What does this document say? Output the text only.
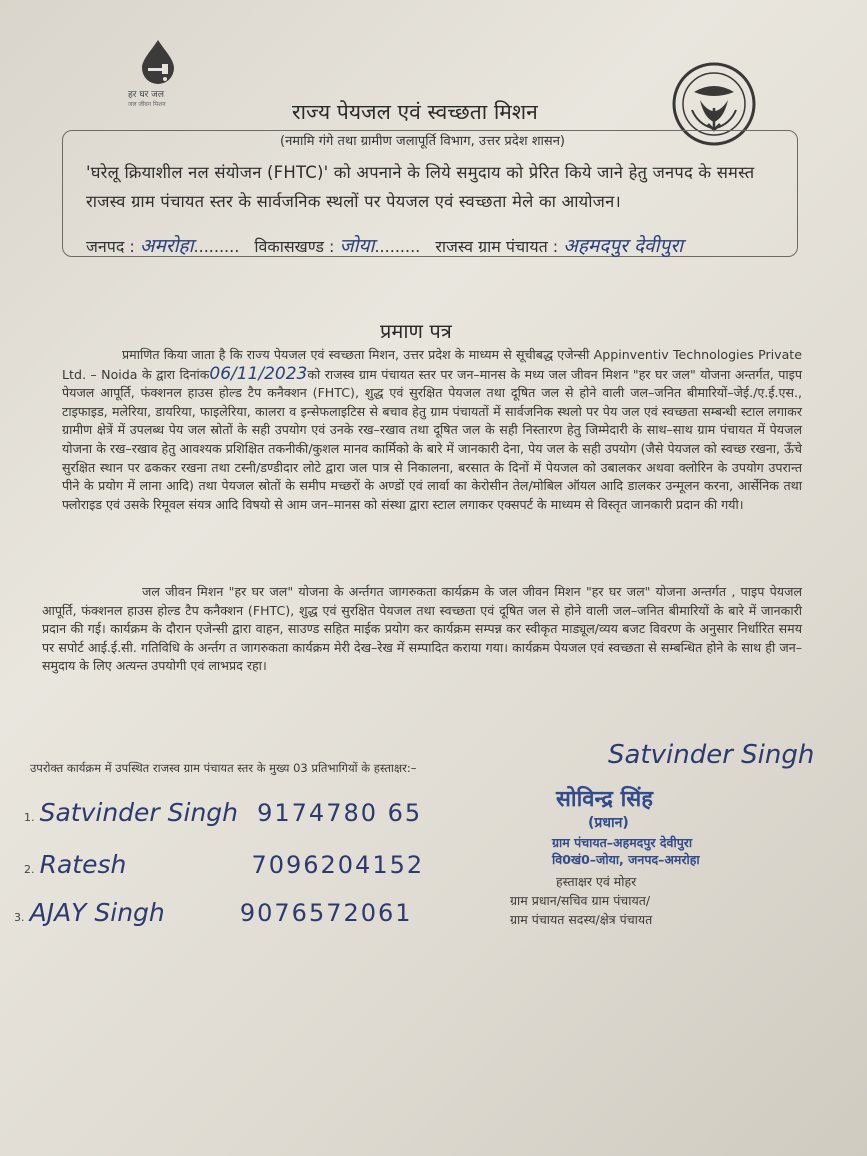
हर घर जल
जल जीवन मिशन	राज्य पेयजल एवं स्वच्छता मिशन
(नमामि गंगे तथा ग्रामीण जलापूर्ति विभाग, उत्तर प्रदेश शासन)
'घरेलू क्रियाशील नल संयोजन (FHTC)' को अपनाने के लिये समुदाय को प्रेरित किये जाने हेतु जनपद के समस्त राजस्व ग्राम पंचायत स्तर के सार्वजनिक स्थलों पर पेयजल एवं स्वच्छता मेले का आयोजन।
जनपद : अमरोहा......... विकासखण्ड : जोया......... राजस्व ग्राम पंचायत : अहमदपुर देवीपुरा
प्रमाण पत्र
प्रमाणित किया जाता है कि राज्य पेयजल एवं स्वच्छता मिशन, उत्तर प्रदेश के माध्यम से सूचीबद्ध एजेन्सी Appinventiv Technologies Private Ltd. – Noida के द्वारा दिनांक06/11/2023को राजस्व ग्राम पंचायत स्तर पर जन–मानस के मध्य जल जीवन मिशन "हर घर जल" योजना अन्तर्गत, पाइप पेयजल आपूर्ति, फंक्शनल हाउस होल्ड टैप कनैक्शन (FHTC), शुद्ध एवं सुरक्षित पेयजल तथा दूषित जल से होने वाली जल–जनित बीमारियों–जेई./ए.ई.एस., टाइफाइड, मलेरिया, डायरिया, फाइलेरिया, कालरा व इन्सेफलाइटिस से बचाव हेतु ग्राम पंचायतों में सार्वजनिक स्थलो पर पेय जल एवं स्वच्छता सम्बन्धी स्टाल लगाकर ग्रामीण क्षेत्रें में उपलब्ध पेय जल स्रोतों के सही उपयोग एवं उनके रख–रखाव तथा दूषित जल के सही निस्तारण हेतु जिम्मेदारी के साथ–साथ ग्राम पंचायत में पेयजल योजना के रख–रखाव हेतु आवश्यक प्रशिक्षित तकनीकी/कुशल मानव कार्मिको के बारे में जानकारी देना, पेय जल के सही उपयोग (जैसे पेयजल को स्वच्छ रखना, ऊँचे सुरक्षित स्थान पर ढककर रखना तथा टस्नी/डण्डीदार लोटे द्वारा जल पात्र से निकालना, बरसात के दिनों में पेयजल को उबालकर अथवा क्लोरिन के उपयोग उपरान्त पीने के प्रयोग में लाना आदि) तथा पेयजल स्रोतों के समीप मच्छरों के अण्डों एवं लार्वा का केरोसीन तेल/मोबिल ऑयल आदि डालकर उन्मूलन करना, आर्सेनिक तथा फ्लोराइड एवं उसके रिमूवल संयत्र आदि विषयो से आम जन–मानस को संस्था द्वारा स्टाल लगाकर एक्सपर्ट के माध्यम से विस्तृत जानकारी प्रदान की गयी।
जल जीवन मिशन "हर घर जल" योजना के अर्न्तगत जागरुकता कार्यक्रम के जल जीवन मिशन "हर घर जल" योजना अन्तर्गत , पाइप पेयजल आपूर्ति, फंक्शनल हाउस होल्ड टैप कनैक्शन (FHTC), शुद्ध एवं सुरक्षित पेयजल तथा स्वच्छता एवं दूषित जल से होने वाली जल–जनित बीमारियों के बारे में जानकारी प्रदान की गई। कार्यक्रम के दौरान एजेन्सी द्वारा वाहन, साउण्ड सहित माईक प्रयोग कर कार्यक्रम सम्पन्न कर स्वीकृत माड्यूल/व्यय बजट विवरण के अनुसार निर्धारित समय पर सपोर्ट आई.ई.सी. गतिविधि के अर्न्तग त जागरुकता कार्यक्रम मेरी देख–रेख में सम्पादित कराया गया। कार्यक्रम पेयजल एवं स्वच्छता से सम्बन्धित होने के साथ ही जन–समुदाय के लिए अत्यन्त उपयोगी एवं लाभप्रद रहा।
उपरोक्त कार्यक्रम में उपस्थित राजस्व ग्राम पंचायत स्तर के मुख्य 03 प्रतिभागियों के हस्ताक्षर:–
1. Satvinder Singh 9174780 65
2. Ratesh	7096204152
3. AJAY Singh	9076572061
Satvinder Singh
सोविन्द्र सिंह
(प्रधान)
ग्राम पंचायत–अहमदपुर देवीपुरा
वि0खं0–जोया, जनपद–अमरोहा
हस्ताक्षर एवं मोहर
ग्राम प्रधान/सचिव ग्राम पंचायत/
ग्राम पंचायत सदस्य/क्षेत्र पंचायत
